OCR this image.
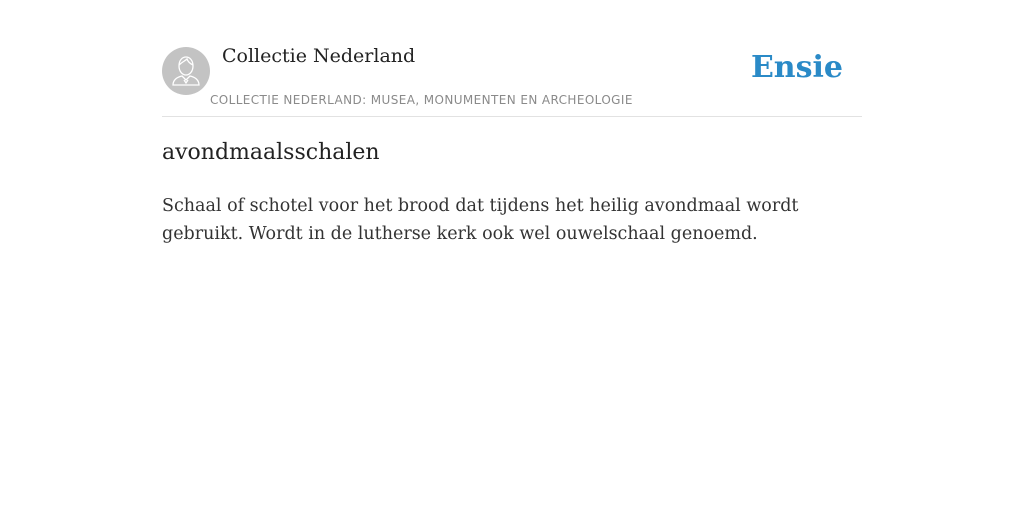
Collectie Nederland
COLLECTIE NEDERLAND: MUSEA, MONUMENTEN EN ARCHEOLOGIE
Ensie
avondmaalsschalen

Schaal of schotel voor het brood dat tijdens het heilig avondmaal wordt gebruikt. Wordt in de lutherse kerk ook wel ouwelschaal genoemd.
